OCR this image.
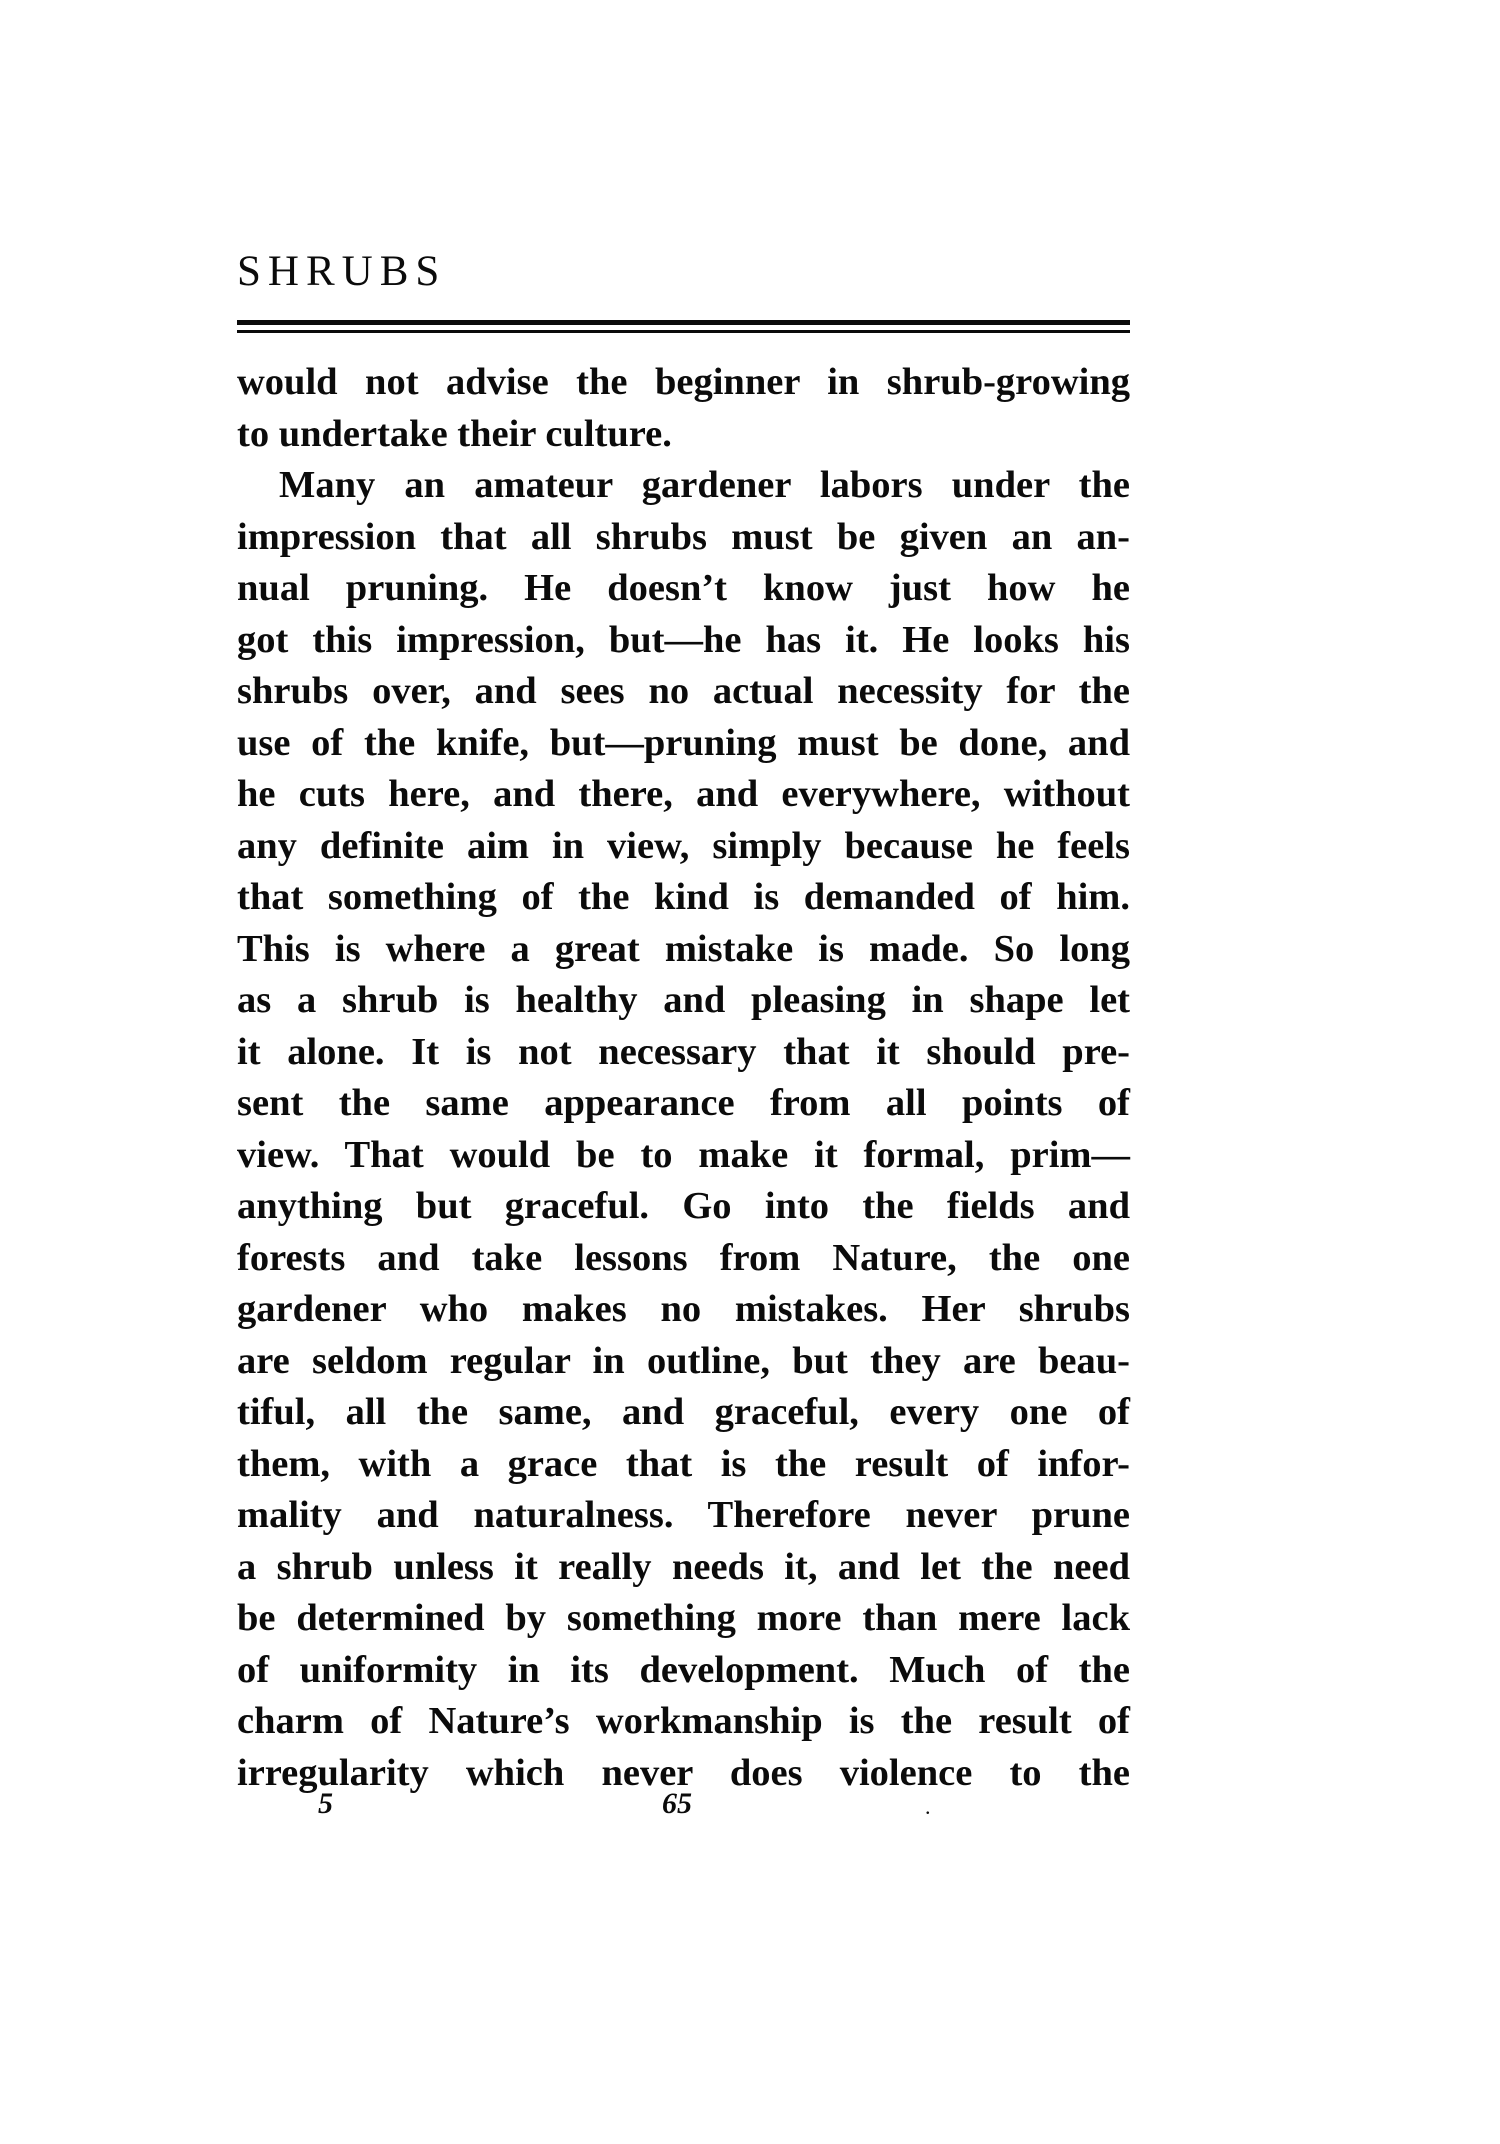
SHRUBS
would not advise the beginner in shrub-growing
to undertake their culture.
Many an amateur gardener labors under the
impression that all shrubs must be given an an-
nual pruning. He doesn’t know just how he
got this impression, but—he has it. He looks his
shrubs over, and sees no actual necessity for the
use of the knife, but—pruning must be done, and
he cuts here, and there, and everywhere, without
any definite aim in view, simply because he feels
that something of the kind is demanded of him.
This is where a great mistake is made. So long
as a shrub is healthy and pleasing in shape let
it alone. It is not necessary that it should pre-
sent the same appearance from all points of
view. That would be to make it formal, prim—
anything but graceful. Go into the fields and
forests and take lessons from Nature, the one
gardener who makes no mistakes. Her shrubs
are seldom regular in outline, but they are beau-
tiful, all the same, and graceful, every one of
them, with a grace that is the result of infor-
mality and naturalness. Therefore never prune
a shrub unless it really needs it, and let the need
be determined by something more than mere lack
of uniformity in its development. Much of the
charm of Nature’s workmanship is the result of
irregularity which never does violence to the
5	65	.
